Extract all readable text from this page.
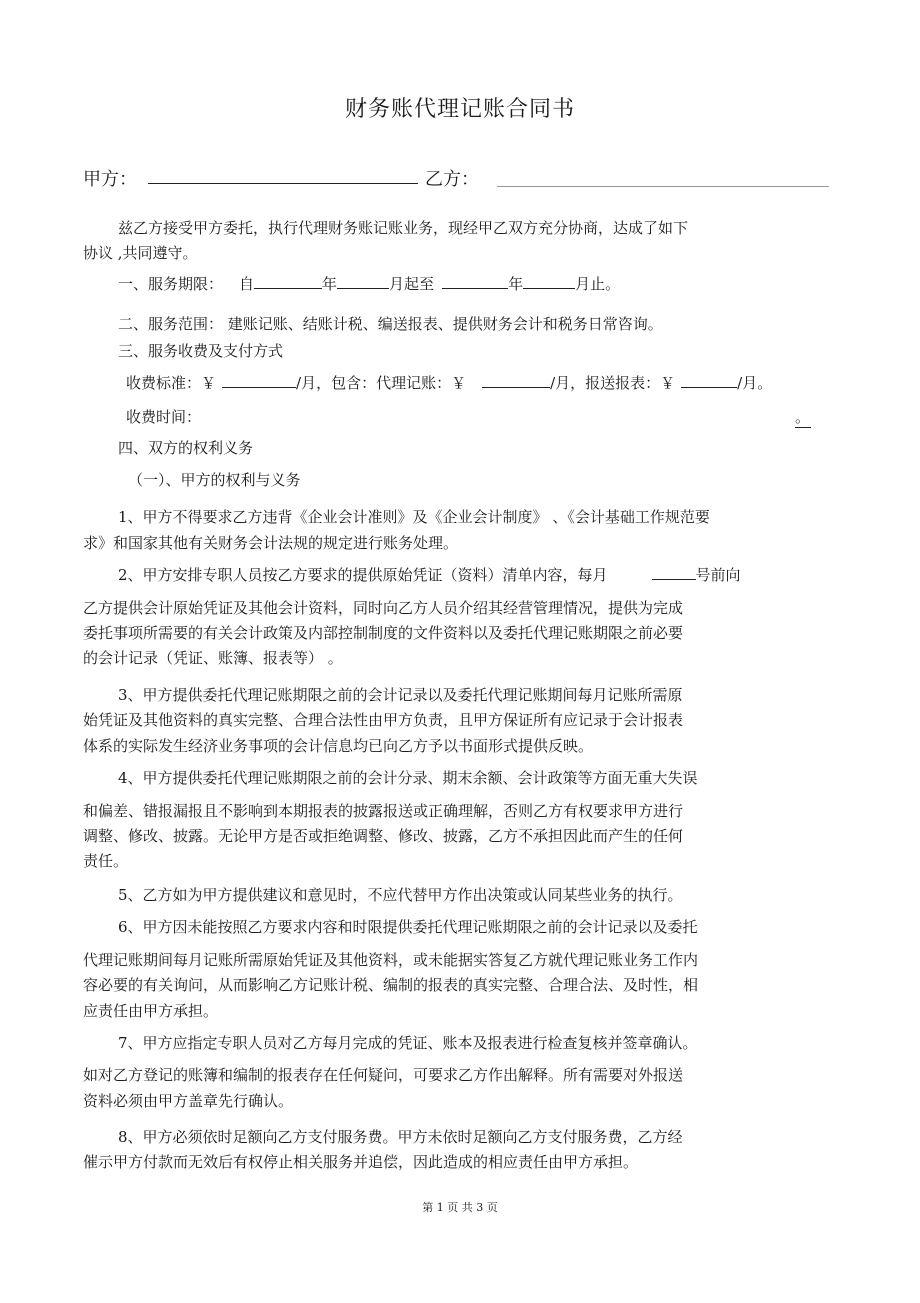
财务账代理记账合同书
甲方：	乙方：
兹乙方接受甲方委托，执行代理财务账记账业务，现经甲乙双方充分协商，达成了如下
协议 ,共同遵守。
一、服务期限： 自	年	月起至	年	月止。
二、服务范围： 建账记账、结账计税、编送报表、提供财务会计和税务日常咨询。
三、服务收费及支付方式
收费标准：￥	/月，包含：代理记账：￥	/月，报送报表：￥	/月。
收费时间：	。
四、双方的权利义务
（一）、甲方的权利与义务
1、甲方不得要求乙方违背《企业会计准则》及《企业会计制度》 、《会计基础工作规范要
求》和国家其他有关财务会计法规的规定进行账务处理。
2、甲方安排专职人员按乙方要求的提供原始凭证（资料）清单内容，每月	号前向
乙方提供会计原始凭证及其他会计资料，同时向乙方人员介绍其经营管理情况，提供为完成
委托事项所需要的有关会计政策及内部控制制度的文件资料以及委托代理记账期限之前必要
的会计记录（凭证、账簿、报表等） 。
3、甲方提供委托代理记账期限之前的会计记录以及委托代理记账期间每月记账所需原
始凭证及其他资料的真实完整、合理合法性由甲方负责，且甲方保证所有应记录于会计报表
体系的实际发生经济业务事项的会计信息均已向乙方予以书面形式提供反映。
4、甲方提供委托代理记账期限之前的会计分录、期末余额、会计政策等方面无重大失误
和偏差、错报漏报且不影响到本期报表的披露报送或正确理解，否则乙方有权要求甲方进行
调整、修改、披露。无论甲方是否或拒绝调整、修改、披露，乙方不承担因此而产生的任何
责任。
5、乙方如为甲方提供建议和意见时，不应代替甲方作出决策或认同某些业务的执行。
6、甲方因未能按照乙方要求内容和时限提供委托代理记账期限之前的会计记录以及委托
代理记账期间每月记账所需原始凭证及其他资料，或未能据实答复乙方就代理记账业务工作内
容必要的有关询问，从而影响乙方记账计税、编制的报表的真实完整、合理合法、及时性，相
应责任由甲方承担。
7、甲方应指定专职人员对乙方每月完成的凭证、账本及报表进行检查复核并签章确认。
如对乙方登记的账簿和编制的报表存在任何疑问，可要求乙方作出解释。所有需要对外报送
资料必须由甲方盖章先行确认。
8、甲方必须依时足额向乙方支付服务费。甲方未依时足额向乙方支付服务费，乙方经
催示甲方付款而无效后有权停止相关服务并追偿，因此造成的相应责任由甲方承担。
第 1 页 共 3 页
